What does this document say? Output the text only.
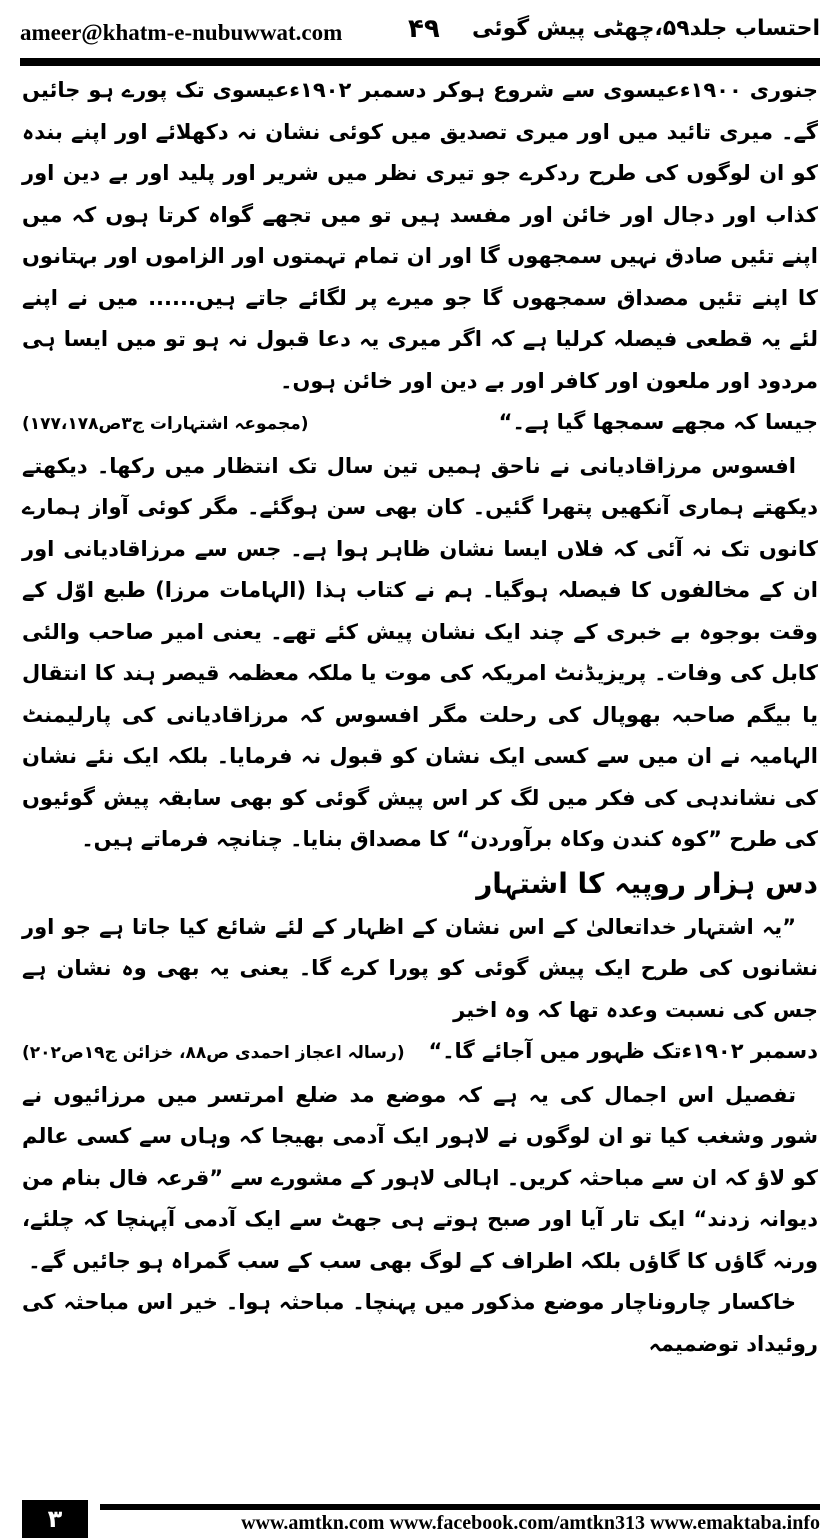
ameer@khatm-e-nubuwwat.com	۴۹ احتساب جلد۵۹،چھٹی پیش گوئی

جنوری ۱۹۰۰ءعیسوی سے شروع ہوکر دسمبر ۱۹۰۲ءعیسوی تک پورے ہو جائیں گے۔ میری تائید میں اور میری تصدیق میں کوئی نشان نہ دکھلائے اور اپنے بندہ کو ان لوگوں کی طرح ردکرے جو تیری نظر میں شریر اور پلید اور بے دین اور کذاب اور دجال اور خائن اور مفسد ہیں تو میں تجھے گواہ کرتا ہوں کہ میں اپنے تئیں صادق نہیں سمجھوں گا اور ان تمام تہمتوں اور الزاموں اور بہتانوں کا اپنے تئیں مصداق سمجھوں گا جو میرے پر لگائے جاتے ہیں...... میں نے اپنے لئے یہ قطعی فیصلہ کرلیا ہے کہ اگر میری یہ دعا قبول نہ ہو تو میں ایسا ہی مردود اور ملعون اور کافر اور بے دین اور خائن ہوں۔

جیسا کہ مجھے سمجھا گیا ہے۔“
(مجموعہ اشتہارات ج۳ص۱۷۷،۱۷۸)

افسوس مرزاقادیانی نے ناحق ہمیں تین سال تک انتظار میں رکھا۔ دیکھتے دیکھتے ہماری آنکھیں پتھرا گئیں۔ کان بھی سن ہوگئے۔ مگر کوئی آواز ہمارے کانوں تک نہ آئی کہ فلاں ایسا نشان ظاہر ہوا ہے۔ جس سے مرزاقادیانی اور ان کے مخالفوں کا فیصلہ ہوگیا۔ ہم نے کتاب ہذا (الہامات مرزا) طبع اوّل کے وقت بوجوہ بے خبری کے چند ایک نشان پیش کئے تھے۔ یعنی امیر صاحب والئی کابل کی وفات۔ پریزیڈنٹ امریکہ کی موت یا ملکہ معظمہ قیصر ہند کا انتقال یا بیگم صاحبہ بھوپال کی رحلت مگر افسوس کہ مرزاقادیانی کی پارلیمنٹ الہامیہ نے ان میں سے کسی ایک نشان کو قبول نہ فرمایا۔ بلکہ ایک نئے نشان کی نشاندہی کی فکر میں لگ کر اس پیش گوئی کو بھی سابقہ پیش گوئیوں کی طرح ”کوہ کندن وکاہ برآوردن“ کا مصداق بنایا۔ چنانچہ فرماتے ہیں۔

دس ہزار روپیہ کا اشتہار

”یہ اشتہار خداتعالیٰ کے اس نشان کے اظہار کے لئے شائع کیا جاتا ہے جو اور نشانوں کی طرح ایک پیش گوئی کو پورا کرے گا۔ یعنی یہ بھی وہ نشان ہے جس کی نسبت وعدہ تھا کہ وہ اخیر

دسمبر ۱۹۰۲ءتک ظہور میں آجائے گا۔“
(رسالہ اعجاز احمدی ص۸۸، خزائن ج۱۹ص۲۰۲)

تفصیل اس اجمال کی یہ ہے کہ موضع مد ضلع امرتسر میں مرزائیوں نے شور وشغب کیا تو ان لوگوں نے لاہور ایک آدمی بھیجا کہ وہاں سے کسی عالم کو لاؤ کہ ان سے مباحثہ کریں۔ اہالی لاہور کے مشورے سے ”قرعہ فال بنام من دیوانہ زدند“ ایک تار آیا اور صبح ہوتے ہی جھٹ سے ایک آدمی آپہنچا کہ چلئے، ورنہ گاؤں کا گاؤں بلکہ اطراف کے لوگ بھی سب کے سب گمراہ ہو جائیں گے۔

خاکسار چاروناچار موضع مذکور میں پہنچا۔ مباحثہ ہوا۔ خیر اس مباحثہ کی روئیداد توضمیمہ

۳	www.amtkn.com www.facebook.com/amtkn313 www.emaktaba.info
